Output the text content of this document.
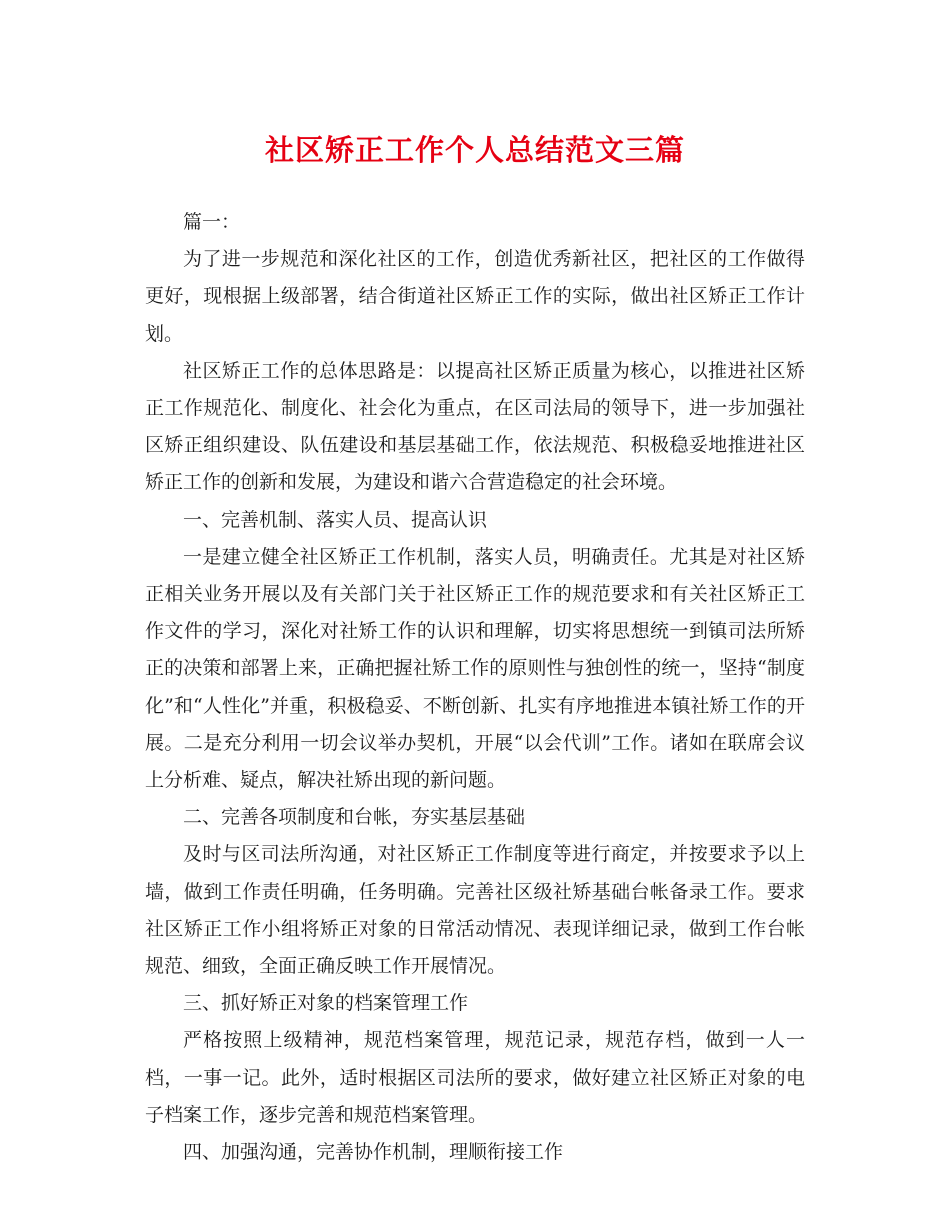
社区矫正工作个人总结范文三篇

篇一：

为了进一步规范和深化社区的工作，创造优秀新社区，把社区的工作做得更好，现根据上级部署，结合街道社区矫正工作的实际，做出社区矫正工作计划。

社区矫正工作的总体思路是：以提高社区矫正质量为核心，以推进社区矫正工作规范化、制度化、社会化为重点，在区司法局的领导下，进一步加强社区矫正组织建设、队伍建设和基层基础工作，依法规范、积极稳妥地推进社区矫正工作的创新和发展，为建设和谐六合营造稳定的社会环境。

一、完善机制、落实人员、提高认识

一是建立健全社区矫正工作机制，落实人员，明确责任。尤其是对社区矫正相关业务开展以及有关部门关于社区矫正工作的规范要求和有关社区矫正工作文件的学习，深化对社矫工作的认识和理解，切实将思想统一到镇司法所矫正的决策和部署上来，正确把握社矫工作的原则性与独创性的统一，坚持“制度化”和“人性化”并重，积极稳妥、不断创新、扎实有序地推进本镇社矫工作的开展。二是充分利用一切会议举办契机，开展“以会代训”工作。诸如在联席会议上分析难、疑点，解决社矫出现的新问题。

二、完善各项制度和台帐，夯实基层基础

及时与区司法所沟通，对社区矫正工作制度等进行商定，并按要求予以上墙，做到工作责任明确，任务明确。完善社区级社矫基础台帐备录工作。要求社区矫正工作小组将矫正对象的日常活动情况、表现详细记录，做到工作台帐规范、细致，全面正确反映工作开展情况。

三、抓好矫正对象的档案管理工作

严格按照上级精神，规范档案管理，规范记录，规范存档，做到一人一档，一事一记。此外，适时根据区司法所的要求，做好建立社区矫正对象的电子档案工作，逐步完善和规范档案管理。

四、加强沟通，完善协作机制，理顺衔接工作
